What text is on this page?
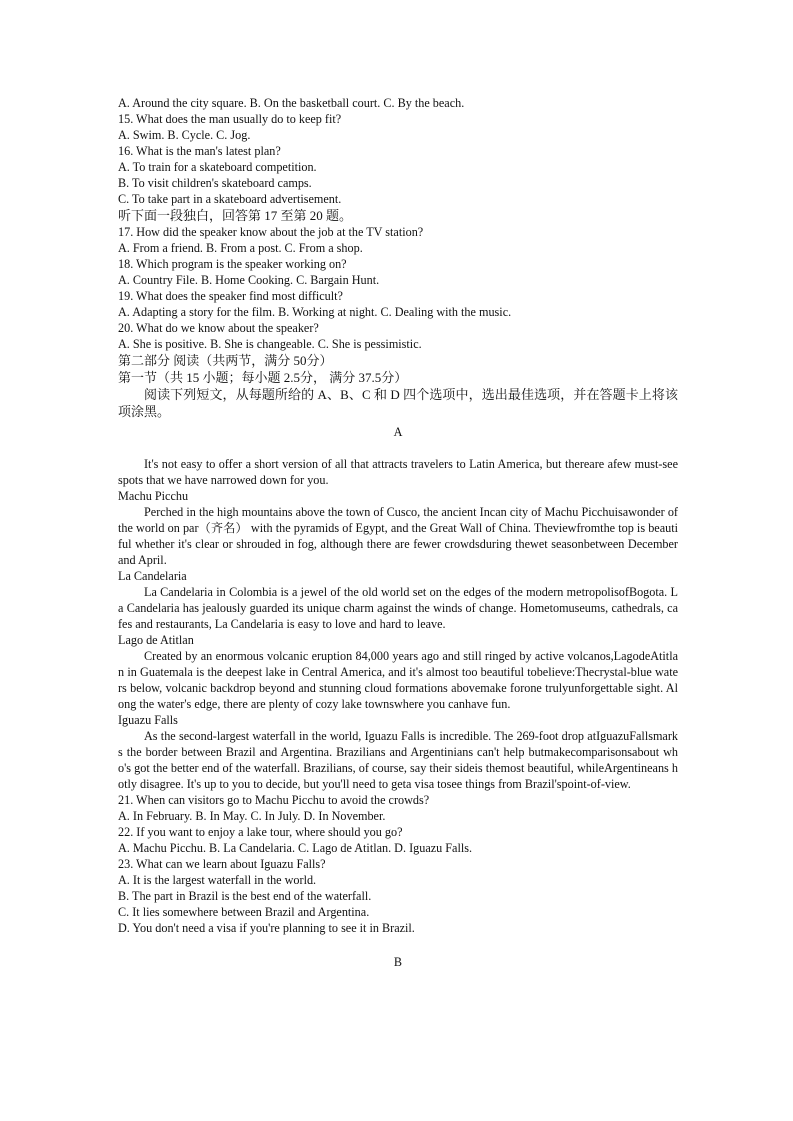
A. Around the city square. B. On the basketball court. C. By the beach.
15. What does the man usually do to keep fit?
A. Swim. B. Cycle. C. Jog.
16. What is the man's latest plan?
A. To train for a skateboard competition.
B. To visit children's skateboard camps.
C. To take part in a skateboard advertisement.
听下面一段独白，回答第 17 至第 20 题。
17. How did the speaker know about the job at the TV station?
A. From a friend. B. From a post. C. From a shop.
18. Which program is the speaker working on?
A. Country File. B. Home Cooking. C. Bargain Hunt.
19. What does the speaker find most difficult?
A. Adapting a story for the film. B. Working at night. C. Dealing with the music.
20. What do we know about the speaker?
A. She is positive. B. She is changeable. C. She is pessimistic.
第二部分 阅读（共两节，满分 50分）
第一节（共 15 小题；每小题 2.5分， 满分 37.5分）
阅读下列短文，从每题所给的 A、B、C 和 D 四个选项中，选出最佳选项，并在答题卡上将该项涂黑。
A
It's not easy to offer a short version of all that attracts travelers to Latin America, but thereare afew must-see spots that we have narrowed down for you.
Machu Picchu
Perched in the high mountains above the town of Cusco, the ancient Incan city of Machu Picchuisawonder of the world on par（齐名） with the pyramids of Egypt, and the Great Wall of China. Theviewfromthe top is beautiful whether it's clear or shrouded in fog, although there are fewer crowdsduring thewet seasonbetween December and April.
La Candelaria
La Candelaria in Colombia is a jewel of the old world set on the edges of the modern metropolisofBogota. La Candelaria has jealously guarded its unique charm against the winds of change. Hometomuseums, cathedrals, cafes and restaurants, La Candelaria is easy to love and hard to leave.
Lago de Atitlan
Created by an enormous volcanic eruption 84,000 years ago and still ringed by active volcanos,LagodeAtitlan in Guatemala is the deepest lake in Central America, and it's almost too beautiful tobelieve:Thecrystal-blue waters below, volcanic backdrop beyond and stunning cloud formations abovemake forone trulyunforgettable sight. Along the water's edge, there are plenty of cozy lake townswhere you canhave fun.
Iguazu Falls
As the second-largest waterfall in the world, Iguazu Falls is incredible. The 269-foot drop atIguazuFallsmarks the border between Brazil and Argentina. Brazilians and Argentinians can't help butmakecomparisonsabout who's got the better end of the waterfall. Brazilians, of course, say their sideis themost beautiful, whileArgentineans hotly disagree. It's up to you to decide, but you'll need to geta visa tosee things from Brazil'spoint-of-view.
21. When can visitors go to Machu Picchu to avoid the crowds?
A. In February. B. In May. C. In July. D. In November.
22. If you want to enjoy a lake tour, where should you go?
A. Machu Picchu. B. La Candelaria. C. Lago de Atitlan. D. Iguazu Falls.
23. What can we learn about Iguazu Falls?
A. It is the largest waterfall in the world.
B. The part in Brazil is the best end of the waterfall.
C. It lies somewhere between Brazil and Argentina.
D. You don't need a visa if you're planning to see it in Brazil.
B
